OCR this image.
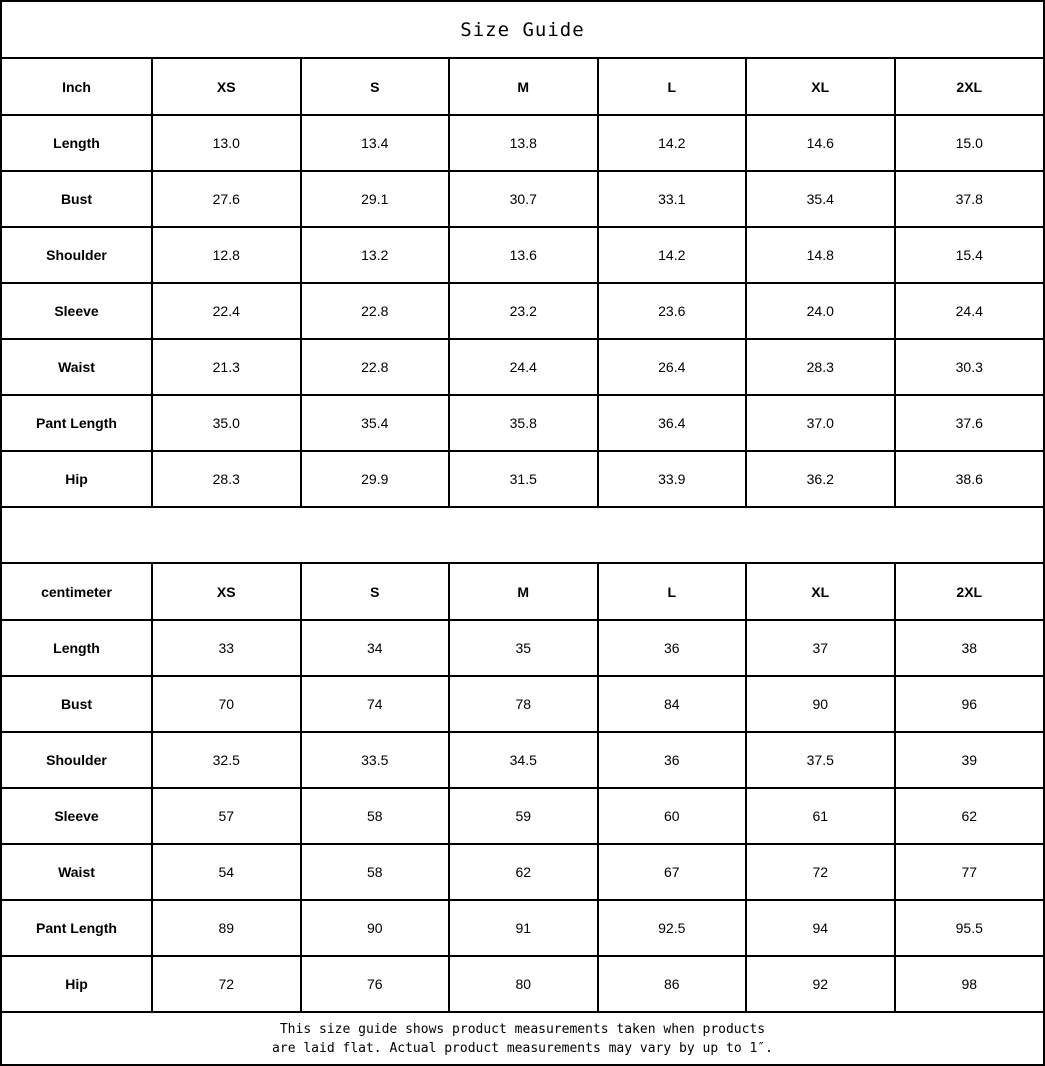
Size Guide
Inch	XS	S	M	L	XL	2XL
Length	13.0	13.4	13.8	14.2	14.6	15.0
Bust	27.6	29.1	30.7	33.1	35.4	37.8
Shoulder	12.8	13.2	13.6	14.2	14.8	15.4
Sleeve	22.4	22.8	23.2	23.6	24.0	24.4
Waist	21.3	22.8	24.4	26.4	28.3	30.3
Pant Length	35.0	35.4	35.8	36.4	37.0	37.6
Hip	28.3	29.9	31.5	33.9	36.2	38.6
centimeter	XS	S	M	L	XL	2XL
Length	33	34	35	36	37	38
Bust	70	74	78	84	90	96
Shoulder	32.5	33.5	34.5	36	37.5	39
Sleeve	57	58	59	60	61	62
Waist	54	58	62	67	72	77
Pant Length	89	90	91	92.5	94	95.5
Hip	72	76	80	86	92	98
This size guide shows product measurements taken when products
are laid flat. Actual product measurements may vary by up to 1″.
